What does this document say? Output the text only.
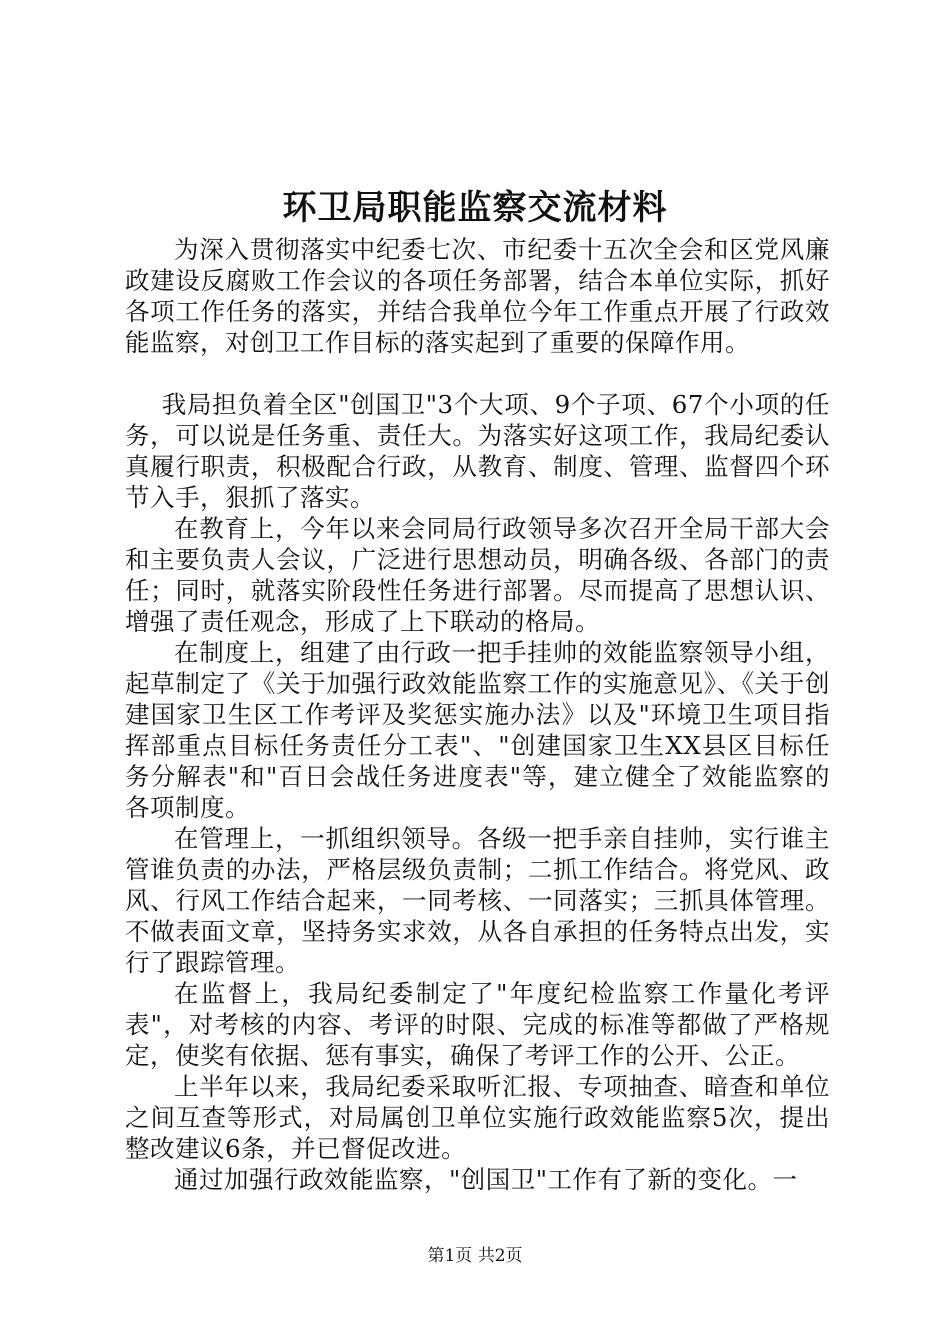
环卫局职能监察交流材料

为深入贯彻落实中纪委七次、市纪委十五次全会和区党风廉政建设反腐败工作会议的各项任务部署，结合本单位实际，抓好各项工作任务的落实，并结合我单位今年工作重点开展了行政效能监察，对创卫工作目标的落实起到了重要的保障作用。

我局担负着全区"创国卫"3个大项、9个子项、67个小项的任务，可以说是任务重、责任大。为落实好这项工作，我局纪委认真履行职责，积极配合行政，从教育、制度、管理、监督四个环节入手，狠抓了落实。

在教育上，今年以来会同局行政领导多次召开全局干部大会和主要负责人会议，广泛进行思想动员，明确各级、各部门的责任；同时，就落实阶段性任务进行部署。尽而提高了思想认识、增强了责任观念，形成了上下联动的格局。

在制度上，组建了由行政一把手挂帅的效能监察领导小组，起草制定了《关于加强行政效能监察工作的实施意见》、《关于创建国家卫生区工作考评及奖惩实施办法》以及"环境卫生项目指挥部重点目标任务责任分工表"、"创建国家卫生XX县区目标任务分解表"和"百日会战任务进度表"等，建立健全了效能监察的各项制度。

在管理上，一抓组织领导。各级一把手亲自挂帅，实行谁主管谁负责的办法，严格层级负责制；二抓工作结合。将党风、政风、行风工作结合起来，一同考核、一同落实；三抓具体管理。不做表面文章，坚持务实求效，从各自承担的任务特点出发，实行了跟踪管理。

在监督上，我局纪委制定了"年度纪检监察工作量化考评表"，对考核的内容、考评的时限、完成的标准等都做了严格规定，使奖有依据、惩有事实，确保了考评工作的公开、公正。

上半年以来，我局纪委采取听汇报、专项抽查、暗查和单位之间互查等形式，对局属创卫单位实施行政效能监察5次，提出整改建议6条，并已督促改进。

通过加强行政效能监察，"创国卫"工作有了新的变化。一

第1页 共2页
